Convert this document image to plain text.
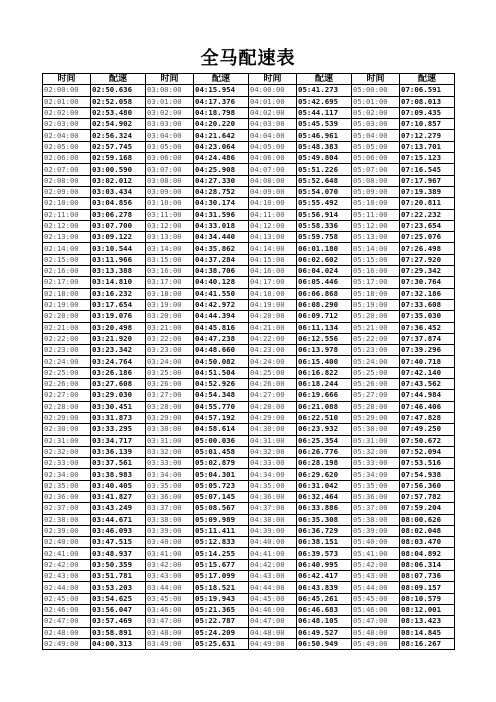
全马配速表
时间	配速	时间	配速	时间	配速	时间	配速
02:00:00	02:50.636	03:00:00	04:15.954	04:00:00	05:41.273	05:00:00	07:06.591
02:01:00	02:52.058	03:01:00	04:17.376	04:01:00	05:42.695	05:01:00	07:08.013
02:02:00	02:53.480	03:02:00	04:18.798	04:02:00	05:44.117	05:02:00	07:09.435
02:03:00	02:54.902	03:03:00	04:20.220	04:03:00	05:45.539	05:03:00	07:10.857
02:04:00	02:56.324	03:04:00	04:21.642	04:04:00	05:46.961	05:04:00	07:12.279
02:05:00	02:57.745	03:05:00	04:23.064	04:05:00	05:48.383	05:05:00	07:13.701
02:06:00	02:59.168	03:06:00	04:24.486	04:06:00	05:49.804	05:06:00	07:15.123
02:07:00	03:00.590	03:07:00	04:25.908	04:07:00	05:51.226	05:07:00	07:16.545
02:08:00	03:02.012	03:08:00	04:27.330	04:08:00	05:52.648	05:08:00	07:17.967
02:09:00	03:03.434	03:09:00	04:28.752	04:09:00	05:54.070	05:09:00	07:19.389
02:10:00	03:04.856	03:10:00	04:30.174	04:10:00	05:55.492	05:10:00	07:20.811
02:11:00	03:06.278	03:11:00	04:31.596	04:11:00	05:56.914	05:11:00	07:22.232
02:12:00	03:07.700	03:12:00	04:33.018	04:12:00	05:58.336	05:12:00	07:23.654
02:13:00	03:09.122	03:13:00	04:34.440	04:13:00	05:59.758	05:13:00	07:25.076
02:14:00	03:10.544	03:14:00	04:35.862	04:14:00	06:01.180	05:14:00	07:26.498
02:15:00	03:11.966	03:15:00	04:37.284	04:15:00	06:02.602	05:15:00	07:27.920
02:16:00	03:13.388	03:16:00	04:38.706	04:16:00	06:04.024	05:16:00	07:29.342
02:17:00	03:14.810	03:17:00	04:40.128	04:17:00	06:05.446	05:17:00	07:30.764
02:18:00	03:16.232	03:18:00	04:41.550	04:18:00	06:06.868	05:18:00	07:32.186
02:19:00	03:17.654	03:19:00	04:42.972	04:19:00	06:08.290	05:19:00	07:33.608
02:20:00	03:19.076	03:20:00	04:44.394	04:20:00	06:09.712	05:20:00	07:35.030
02:21:00	03:20.498	03:21:00	04:45.816	04:21:00	06:11.134	05:21:00	07:36.452
02:22:00	03:21.920	03:22:00	04:47.238	04:22:00	06:12.556	05:22:00	07:37.874
02:23:00	03:23.342	03:23:00	04:48.660	04:23:00	06:13.978	05:23:00	07:39.296
02:24:00	03:24.764	03:24:00	04:50.082	04:24:00	06:15.400	05:24:00	07:40.718
02:25:00	03:26.186	03:25:00	04:51.504	04:25:00	06:16.822	05:25:00	07:42.140
02:26:00	03:27.608	03:26:00	04:52.926	04:26:00	06:18.244	05:26:00	07:43.562
02:27:00	03:29.030	03:27:00	04:54.348	04:27:00	06:19.666	05:27:00	07:44.984
02:28:00	03:30.451	03:28:00	04:55.770	04:28:00	06:21.088	05:28:00	07:46.406
02:29:00	03:31.873	03:29:00	04:57.192	04:29:00	06:22.510	05:29:00	07:47.828
02:30:00	03:33.295	03:30:00	04:58.614	04:30:00	06:23.932	05:30:00	07:49.250
02:31:00	03:34.717	03:31:00	05:00.036	04:31:00	06:25.354	05:31:00	07:50.672
02:32:00	03:36.139	03:32:00	05:01.458	04:32:00	06:26.776	05:32:00	07:52.094
02:33:00	03:37.561	03:33:00	05:02.879	04:33:00	06:28.198	05:33:00	07:53.516
02:34:00	03:38.983	03:34:00	05:04.301	04:34:00	06:29.620	05:34:00	07:54.938
02:35:00	03:40.405	03:35:00	05:05.723	04:35:00	06:31.042	05:35:00	07:56.360
02:36:00	03:41.827	03:36:00	05:07.145	04:36:00	06:32.464	05:36:00	07:57.782
02:37:00	03:43.249	03:37:00	05:08.567	04:37:00	06:33.886	05:37:00	07:59.204
02:38:00	03:44.671	03:38:00	05:09.989	04:38:00	06:35.308	05:38:00	08:00.626
02:39:00	03:46.093	03:39:00	05:11.411	04:39:00	06:36.729	05:39:00	08:02.048
02:40:00	03:47.515	03:40:00	05:12.833	04:40:00	06:38.151	05:40:00	08:03.470
02:41:00	03:48.937	03:41:00	05:14.255	04:41:00	06:39.573	05:41:00	08:04.892
02:42:00	03:50.359	03:42:00	05:15.677	04:42:00	06:40.995	05:42:00	08:06.314
02:43:00	03:51.781	03:43:00	05:17.099	04:43:00	06:42.417	05:43:00	08:07.736
02:44:00	03:53.203	03:44:00	05:18.521	04:44:00	06:43.839	05:44:00	08:09.157
02:45:00	03:54.625	03:45:00	05:19.943	04:45:00	06:45.261	05:45:00	08:10.579
02:46:00	03:56.047	03:46:00	05:21.365	04:46:00	06:46.683	05:46:00	08:12.001
02:47:00	03:57.469	03:47:00	05:22.787	04:47:00	06:48.105	05:47:00	08:13.423
02:48:00	03:58.891	03:48:00	05:24.209	04:48:00	06:49.527	05:48:00	08:14.845
02:49:00	04:00.313	03:49:00	05:25.631	04:49:00	06:50.949	05:49:00	08:16.267
